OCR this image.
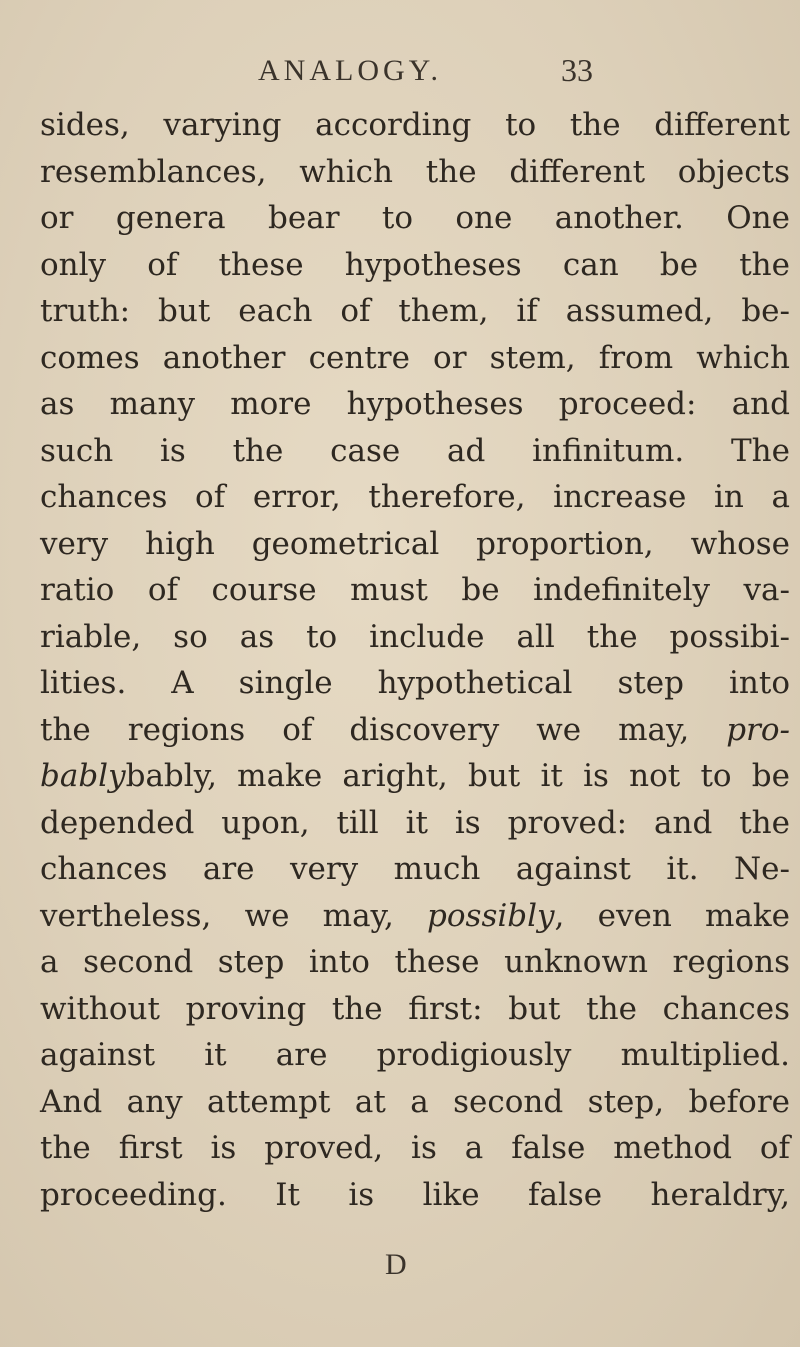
ANALOGY.	33
sides, varying according to the different
resemblances, which the different objects
or genera bear to one another. One
only of these hypotheses can be the
truth: but each of them, if assumed, be-
comes another centre or stem, from which
as many more hypotheses proceed: and
such is the case ad infinitum. The
chances of error, therefore, increase in a
very high geometrical proportion, whose
ratio of course must be indefinitely va-
riable, so as to include all the possibi-
lities. A single hypothetical step into
the regions of discovery we may, pro-
bablybably, make aright, but it is not to be
depended upon, till it is proved: and the
chances are very much against it. Ne-
vertheless, we may, possibly, even make
a second step into these unknown regions
without proving the first: but the chances
against it are prodigiously multiplied.
And any attempt at a second step, before
the first is proved, is a false method of
proceeding. It is like false heraldry,
D
